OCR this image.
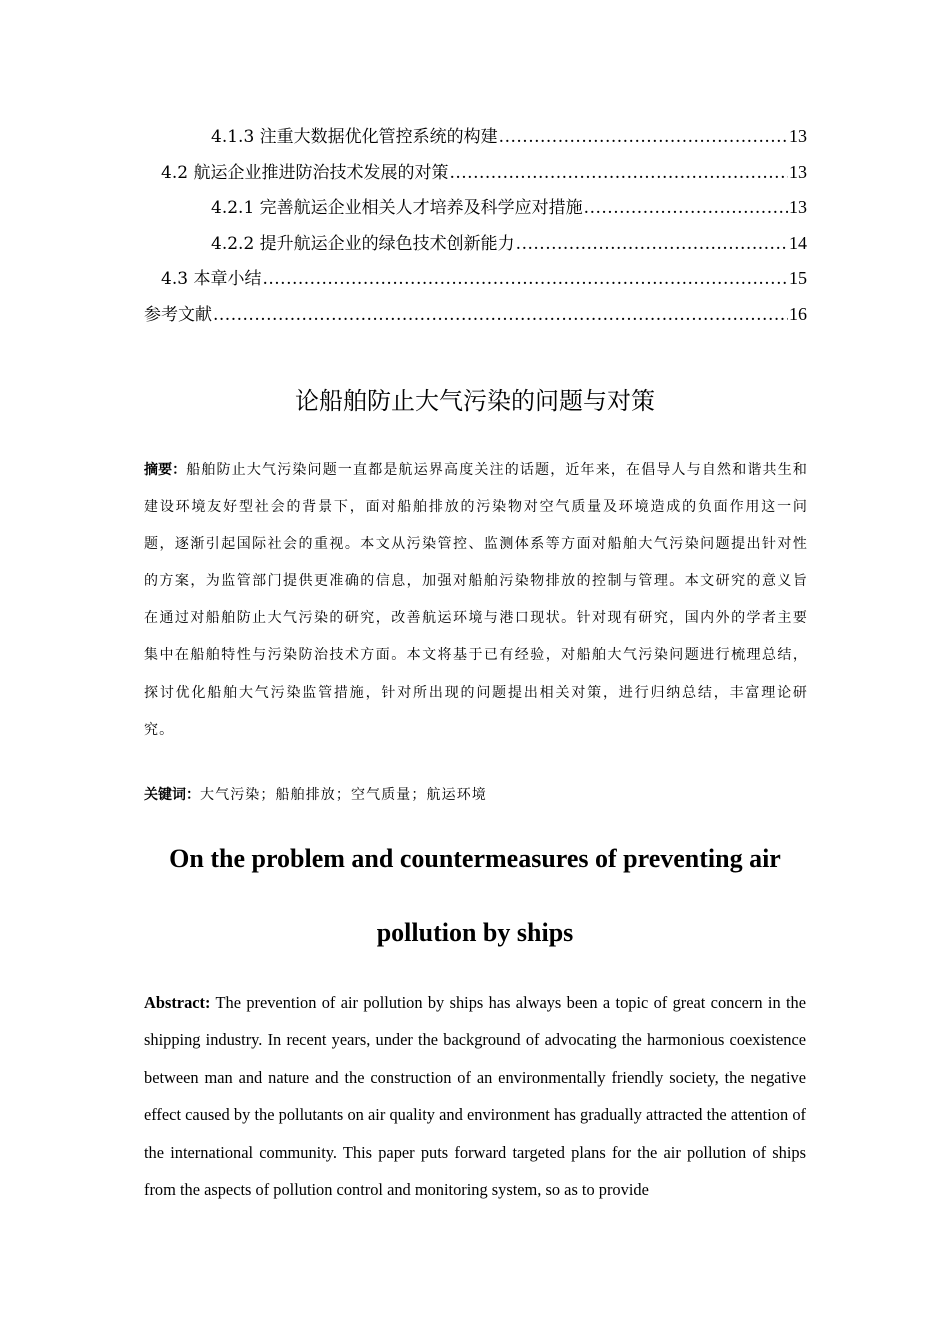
4.1.3 注重大数据优化管控系统的构建 .....	13
4.2 航运企业推进防治技术发展的对策 .....	13
4.2.1 完善航运企业相关人才培养及科学应对措施 .....	13
4.2.2 提升航运企业的绿色技术创新能力 .....	14
4.3 本章小结 .....	15
参考文献 .....	16
论船舶防止大气污染的问题与对策
摘要：船舶防止大气污染问题一直都是航运界高度关注的话题，近年来，在倡导人与自然和谐共生和建设环境友好型社会的背景下，面对船舶排放的污染物对空气质量及环境造成的负面作用这一问题，逐渐引起国际社会的重视。本文从污染管控、监测体系等方面对船舶大气污染问题提出针对性的方案，为监管部门提供更准确的信息，加强对船舶污染物排放的控制与管理。本文研究的意义旨在通过对船舶防止大气污染的研究，改善航运环境与港口现状。针对现有研究，国内外的学者主要集中在船舶特性与污染防治技术方面。本文将基于已有经验，对船舶大气污染问题进行梳理总结，探讨优化船舶大气污染监管措施，针对所出现的问题提出相关对策，进行归纳总结，丰富理论研究。
关键词：大气污染；船舶排放；空气质量；航运环境
On the problem and countermeasures of preventing air
pollution by ships
Abstract: The prevention of air pollution by ships has always been a topic of great concern in the shipping industry. In recent years, under the background of advocating the harmonious coexistence between man and nature and the construction of an environmentally friendly society, the negative effect caused by the pollutants on air quality and environment has gradually attracted the attention of the international community. This paper puts forward targeted plans for the air pollution of ships from the aspects of pollution control and monitoring system, so as to provide
